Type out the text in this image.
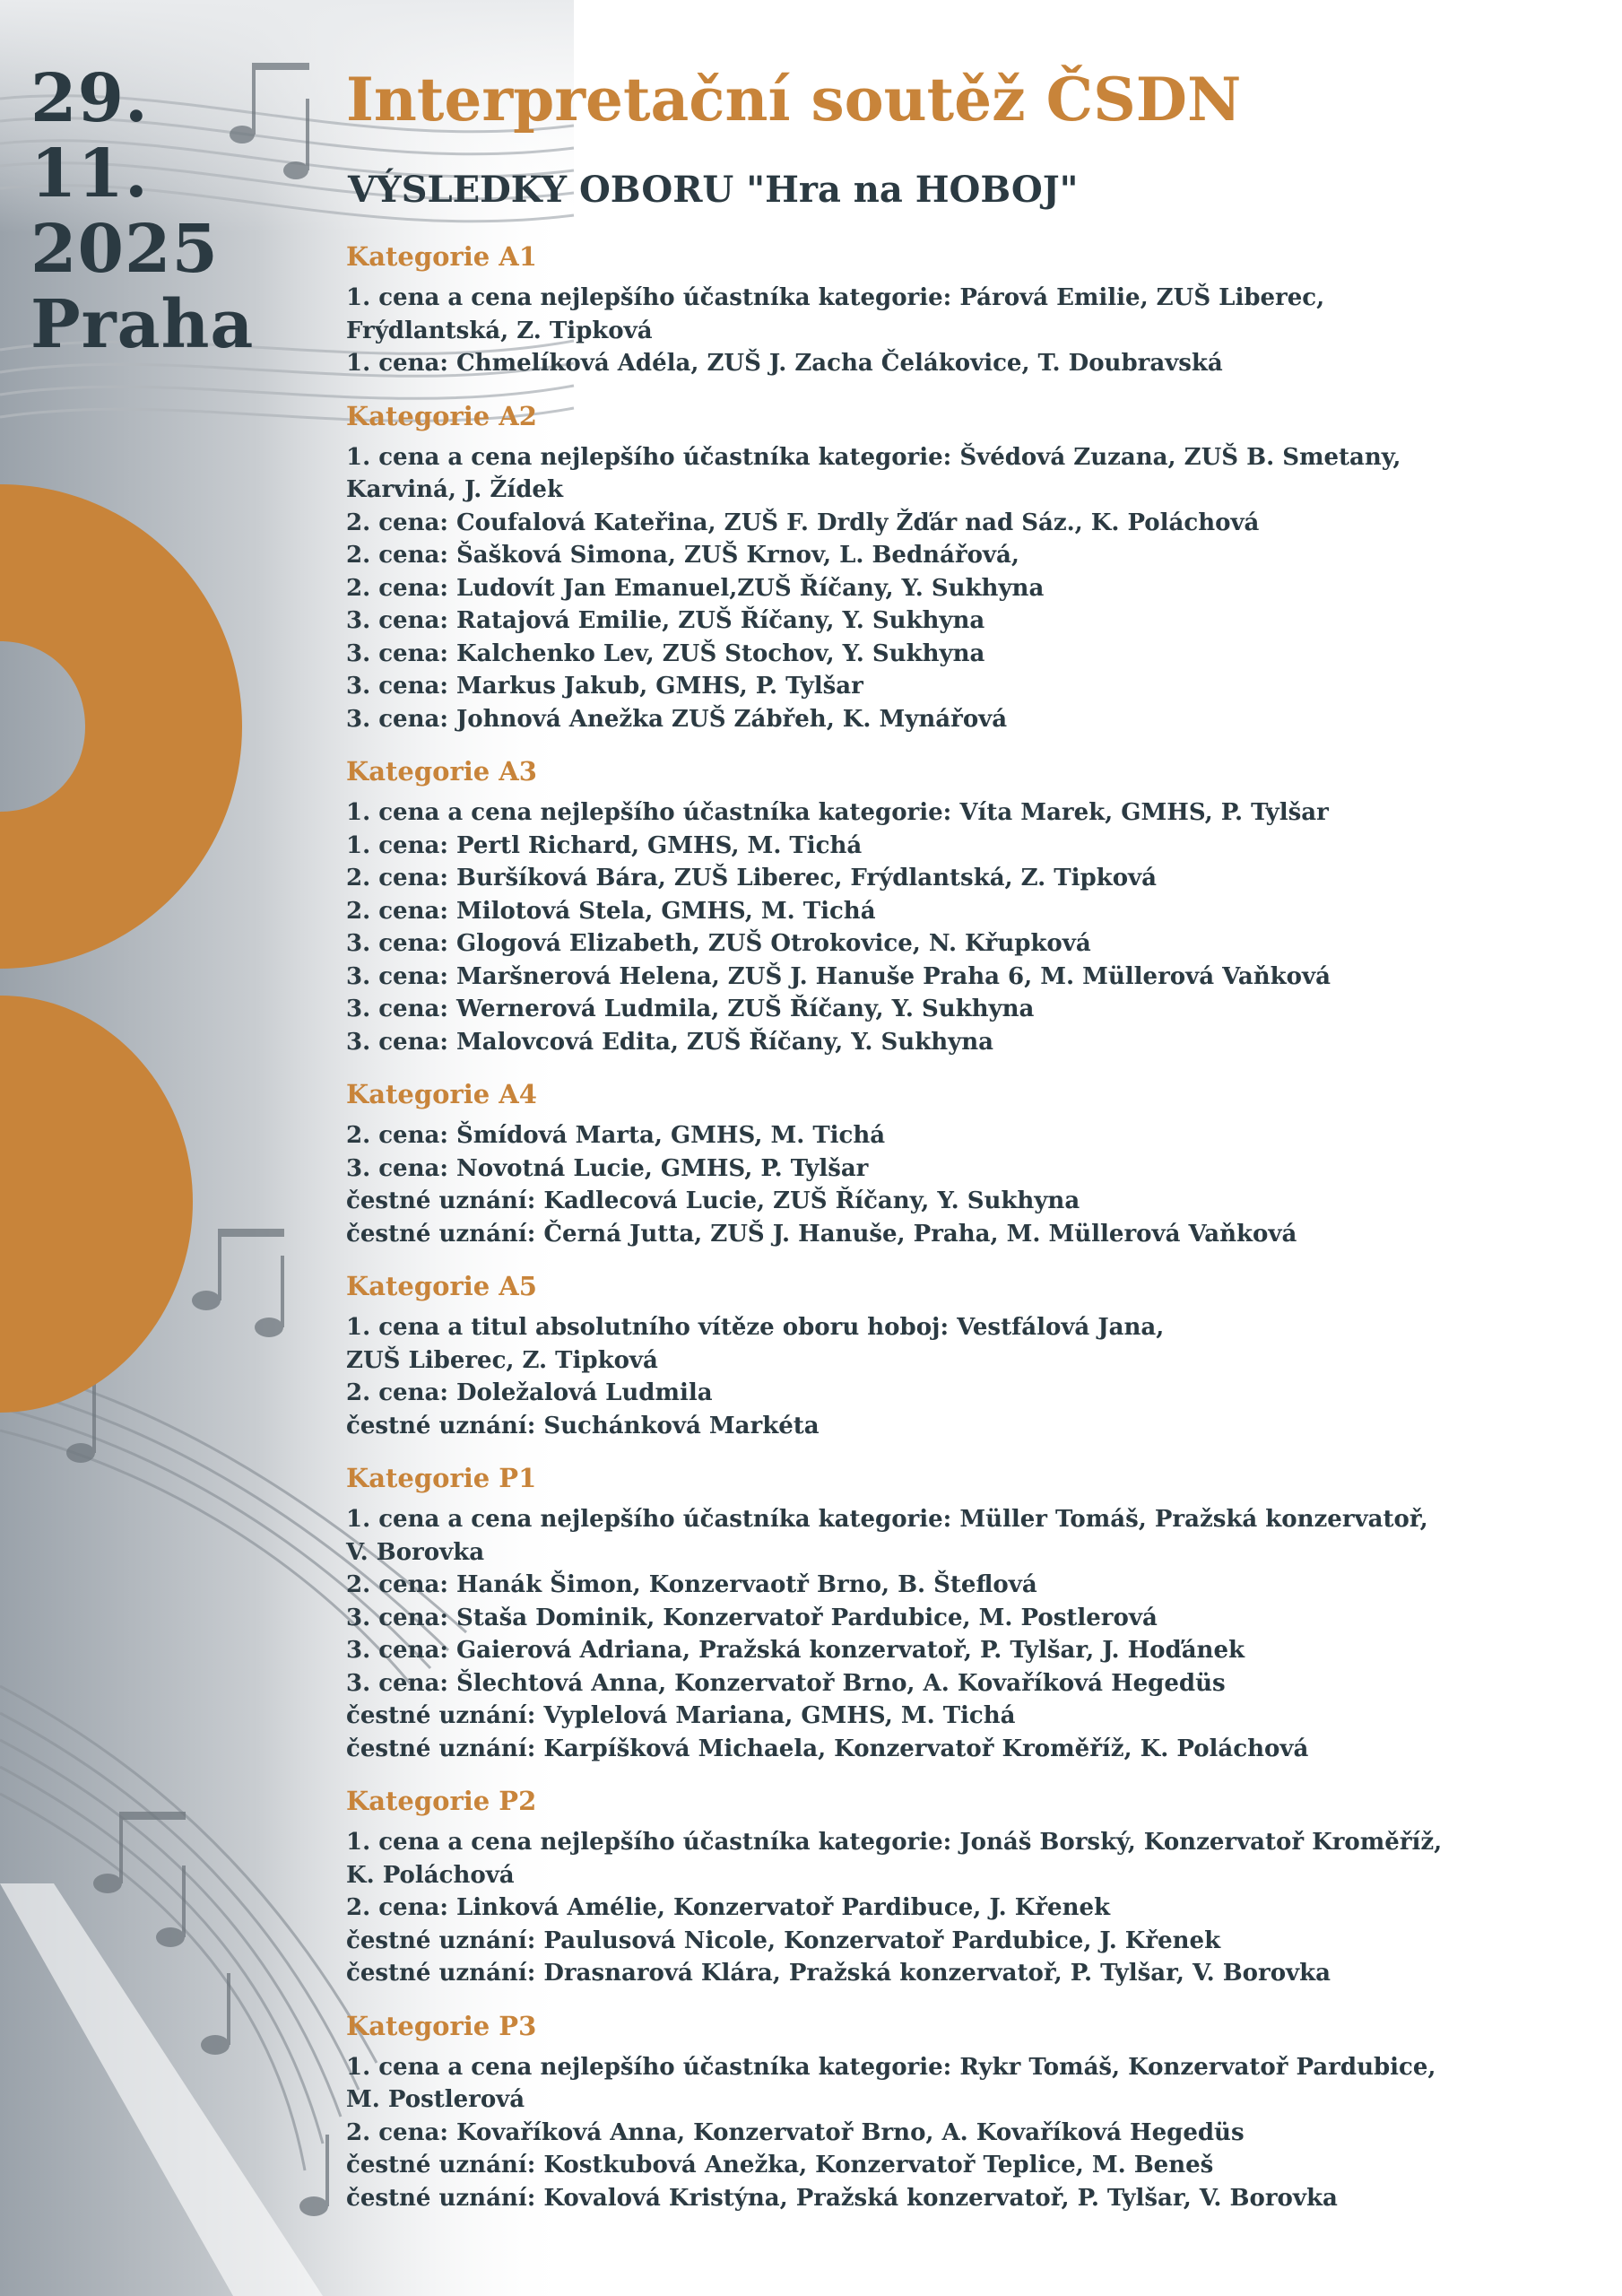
29.
11.
2025
Praha
Interpretační soutěž ČSDN
VÝSLEDKY OBORU "Hra na HOBOJ"
Kategorie A1
1. cena a cena nejlepšího účastníka kategorie: Párová Emilie, ZUŠ Liberec,
Frýdlantská, Z. Tipková
1. cena: Chmelíková Adéla, ZUŠ J. Zacha Čelákovice, T. Doubravská
Kategorie A2
1. cena a cena nejlepšího účastníka kategorie: Švédová Zuzana, ZUŠ B. Smetany,
Karviná, J. Žídek
2. cena: Coufalová Kateřina, ZUŠ F. Drdly Žďár nad Sáz., K. Poláchová
2. cena: Šašková Simona, ZUŠ Krnov, L. Bednářová,
2. cena: Ludovít Jan Emanuel,ZUŠ Říčany, Y. Sukhyna
3. cena: Ratajová Emilie, ZUŠ Říčany, Y. Sukhyna
3. cena: Kalchenko Lev, ZUŠ Stochov, Y. Sukhyna
3. cena: Markus Jakub, GMHS, P. Tylšar
3. cena: Johnová Anežka ZUŠ Zábřeh, K. Mynářová
Kategorie A3
1. cena a cena nejlepšího účastníka kategorie: Víta Marek, GMHS, P. Tylšar
1. cena: Pertl Richard, GMHS, M. Tichá
2. cena: Buršíková Bára, ZUŠ Liberec, Frýdlantská, Z. Tipková
2. cena: Milotová Stela, GMHS, M. Tichá
3. cena: Glogová Elizabeth, ZUŠ Otrokovice, N. Křupková
3. cena: Maršnerová Helena, ZUŠ J. Hanuše Praha 6, M. Müllerová Vaňková
3. cena: Wernerová Ludmila, ZUŠ Říčany, Y. Sukhyna
3. cena: Malovcová Edita, ZUŠ Říčany, Y. Sukhyna
Kategorie A4
2. cena: Šmídová Marta, GMHS, M. Tichá
3. cena: Novotná Lucie, GMHS, P. Tylšar
čestné uznání: Kadlecová Lucie, ZUŠ Říčany, Y. Sukhyna
čestné uznání: Černá Jutta, ZUŠ J. Hanuše, Praha, M. Müllerová Vaňková
Kategorie A5
1. cena a titul absolutního vítěze oboru hoboj: Vestfálová Jana,
ZUŠ Liberec, Z. Tipková
2. cena: Doležalová Ludmila
čestné uznání: Suchánková Markéta
Kategorie P1
1. cena a cena nejlepšího účastníka kategorie: Müller Tomáš, Pražská konzervatoř,
V. Borovka
2. cena: Hanák Šimon, Konzervaotř Brno, B. Šteflová
3. cena: Staša Dominik, Konzervatoř Pardubice, M. Postlerová
3. cena: Gaierová Adriana, Pražská konzervatoř, P. Tylšar, J. Hoďánek
3. cena: Šlechtová Anna, Konzervatoř Brno, A. Kovaříková Hegedüs
čestné uznání: Vyplelová Mariana, GMHS, M. Tichá
čestné uznání: Karpíšková Michaela, Konzervatoř Kroměříž, K. Poláchová
Kategorie P2
1. cena a cena nejlepšího účastníka kategorie: Jonáš Borský, Konzervatoř Kroměříž,
K. Poláchová
2. cena: Linková Amélie, Konzervatoř Pardibuce, J. Křenek
čestné uznání: Paulusová Nicole, Konzervatoř Pardubice, J. Křenek
čestné uznání: Drasnarová Klára, Pražská konzervatoř, P. Tylšar, V. Borovka
Kategorie P3
1. cena a cena nejlepšího účastníka kategorie: Rykr Tomáš, Konzervatoř Pardubice,
M. Postlerová
2. cena: Kovaříková Anna, Konzervatoř Brno, A. Kovaříková Hegedüs
čestné uznání: Kostkubová Anežka, Konzervatoř Teplice, M. Beneš
čestné uznání: Kovalová Kristýna, Pražská konzervatoř, P. Tylšar, V. Borovka
